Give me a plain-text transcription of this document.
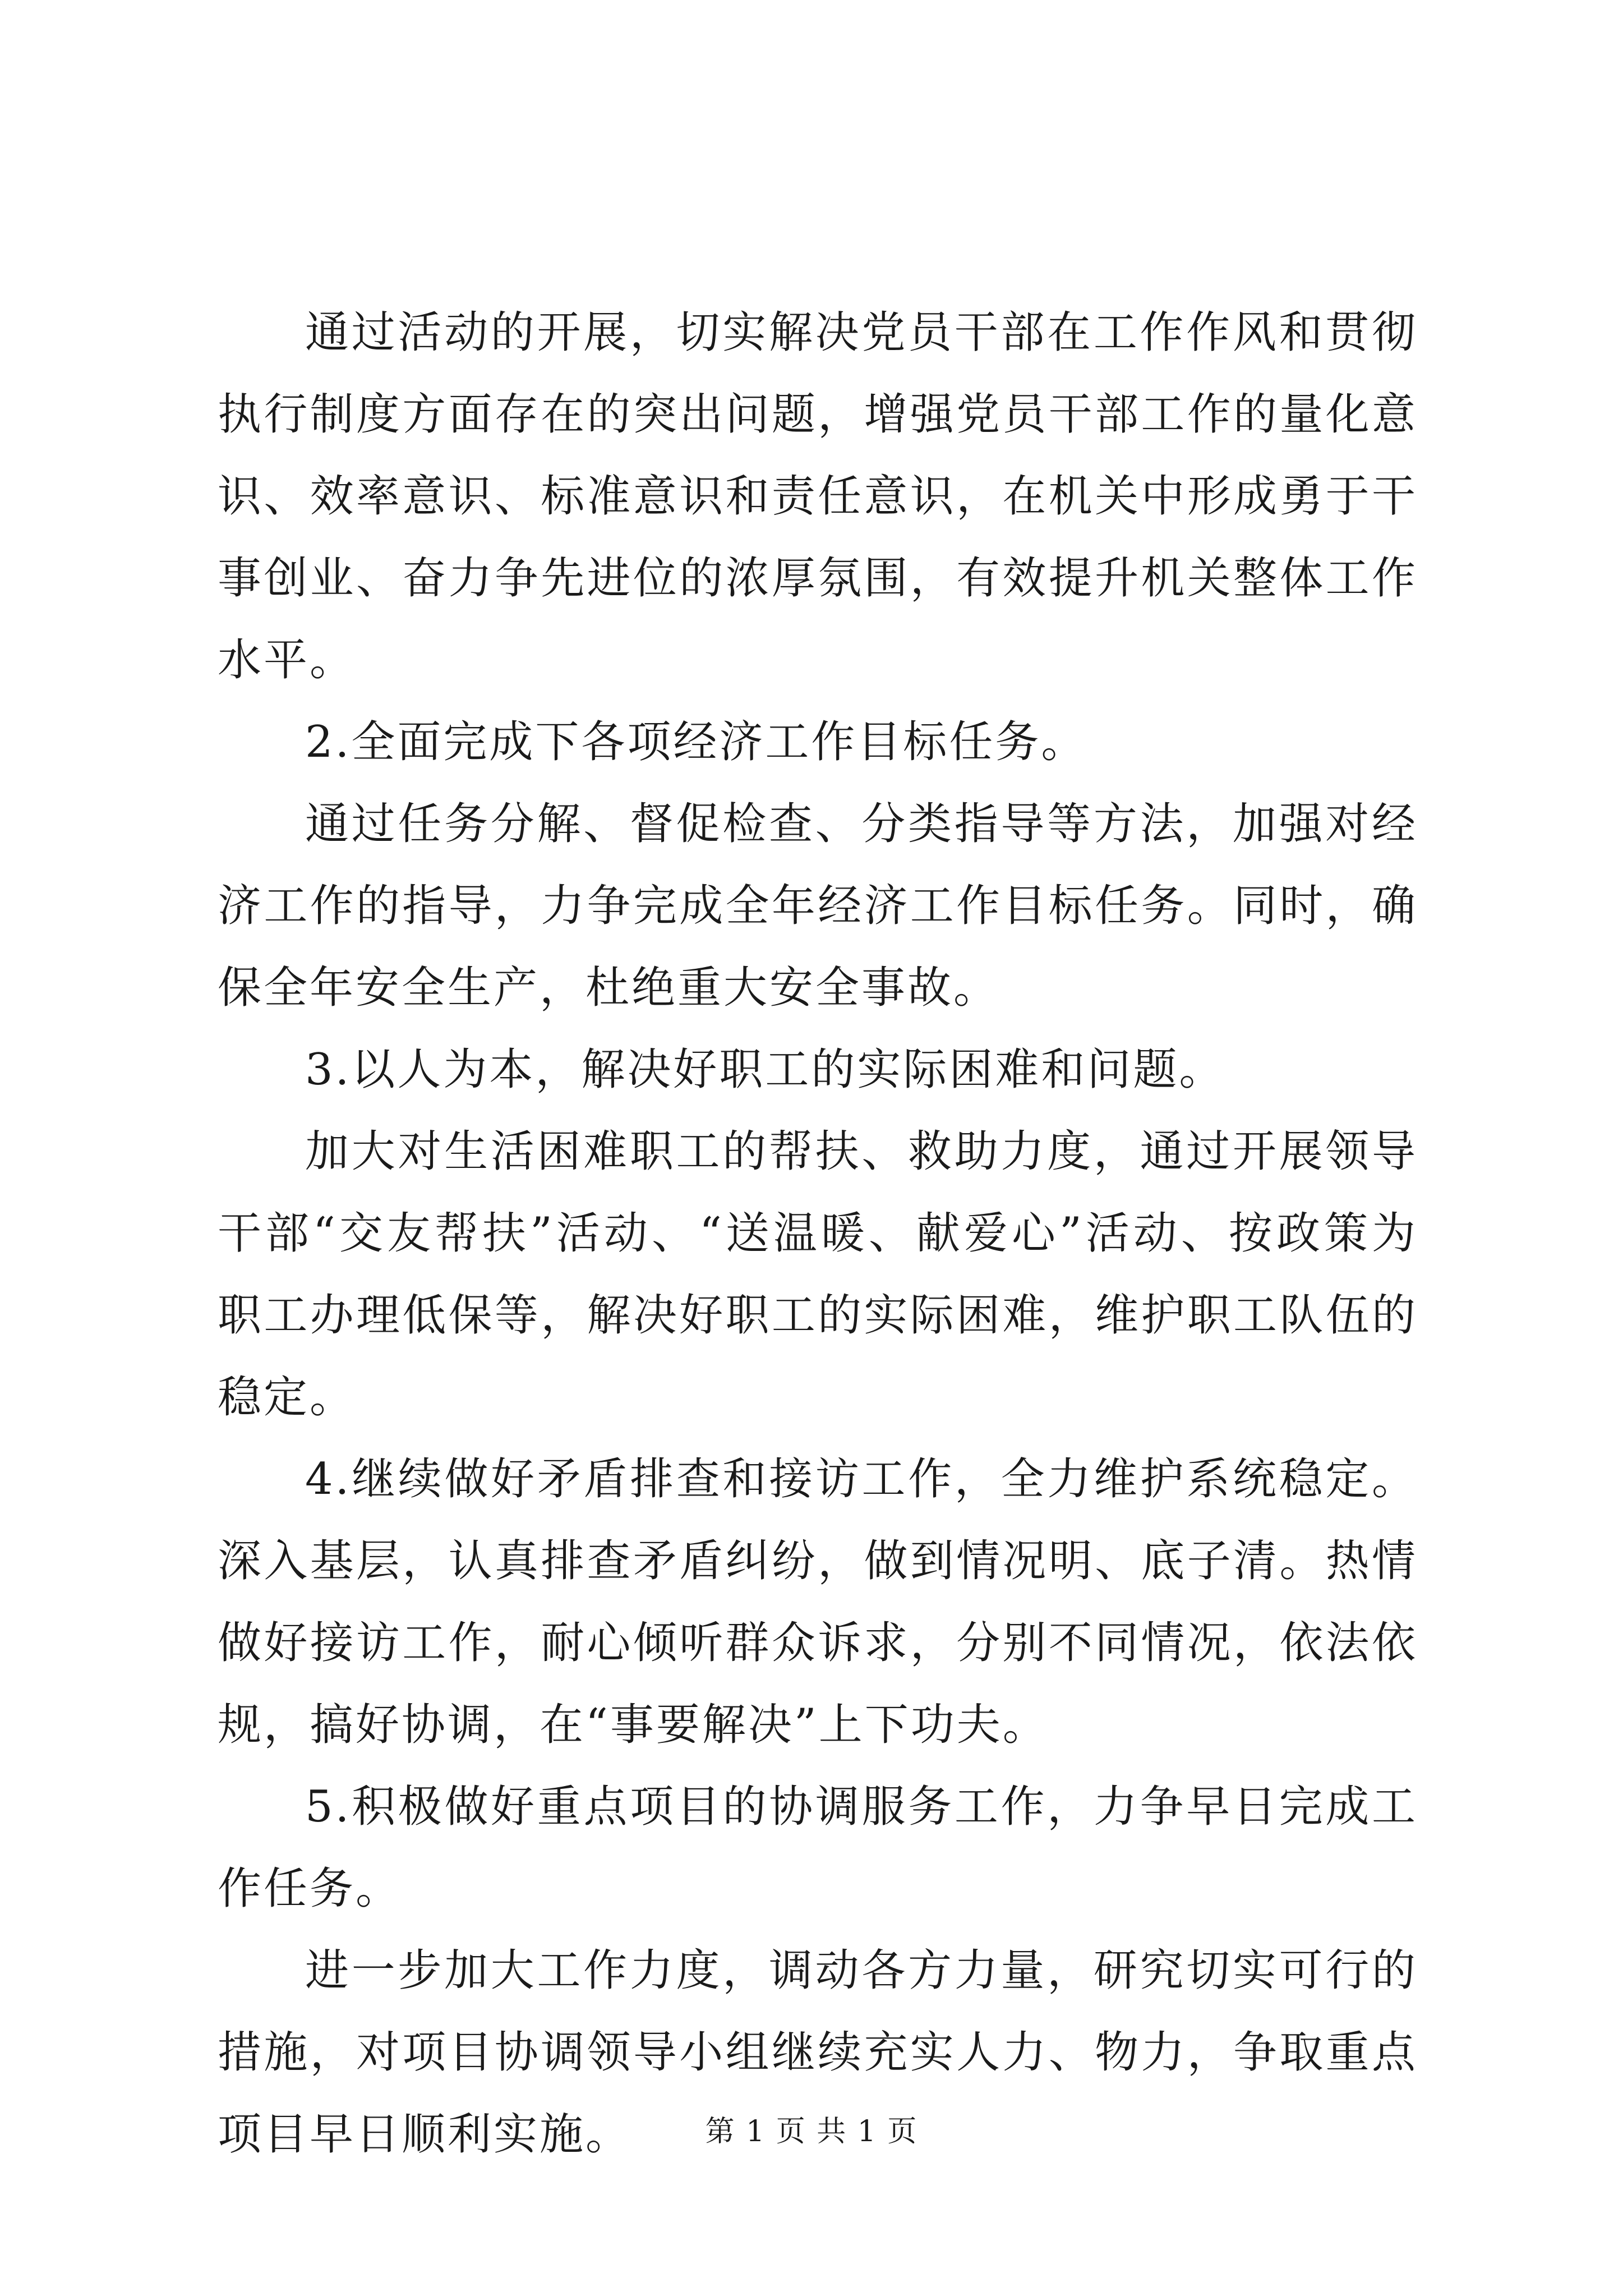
通过活动的开展，切实解决党员干部在工作作风和贯彻执行制度方面存在的突出问题，增强党员干部工作的量化意识、效率意识、标准意识和责任意识，在机关中形成勇于干事创业、奋力争先进位的浓厚氛围，有效提升机关整体工作水平。

2.全面完成下各项经济工作目标任务。

通过任务分解、督促检查、分类指导等方法，加强对经济工作的指导，力争完成全年经济工作目标任务。同时，确保全年安全生产，杜绝重大安全事故。

3.以人为本，解决好职工的实际困难和问题。

加大对生活困难职工的帮扶、救助力度，通过开展领导干部“交友帮扶”活动、“送温暖、献爱心”活动、按政策为职工办理低保等，解决好职工的实际困难，维护职工队伍的稳定。

4.继续做好矛盾排查和接访工作，全力维护系统稳定。深入基层，认真排查矛盾纠纷，做到情况明、底子清。热情做好接访工作，耐心倾听群众诉求，分别不同情况，依法依规，搞好协调，在“事要解决”上下功夫。

5.积极做好重点项目的协调服务工作，力争早日完成工作任务。

进一步加大工作力度，调动各方力量，研究切实可行的措施，对项目协调领导小组继续充实人力、物力，争取重点项目早日顺利实施。	第 1 页 共 1 页
